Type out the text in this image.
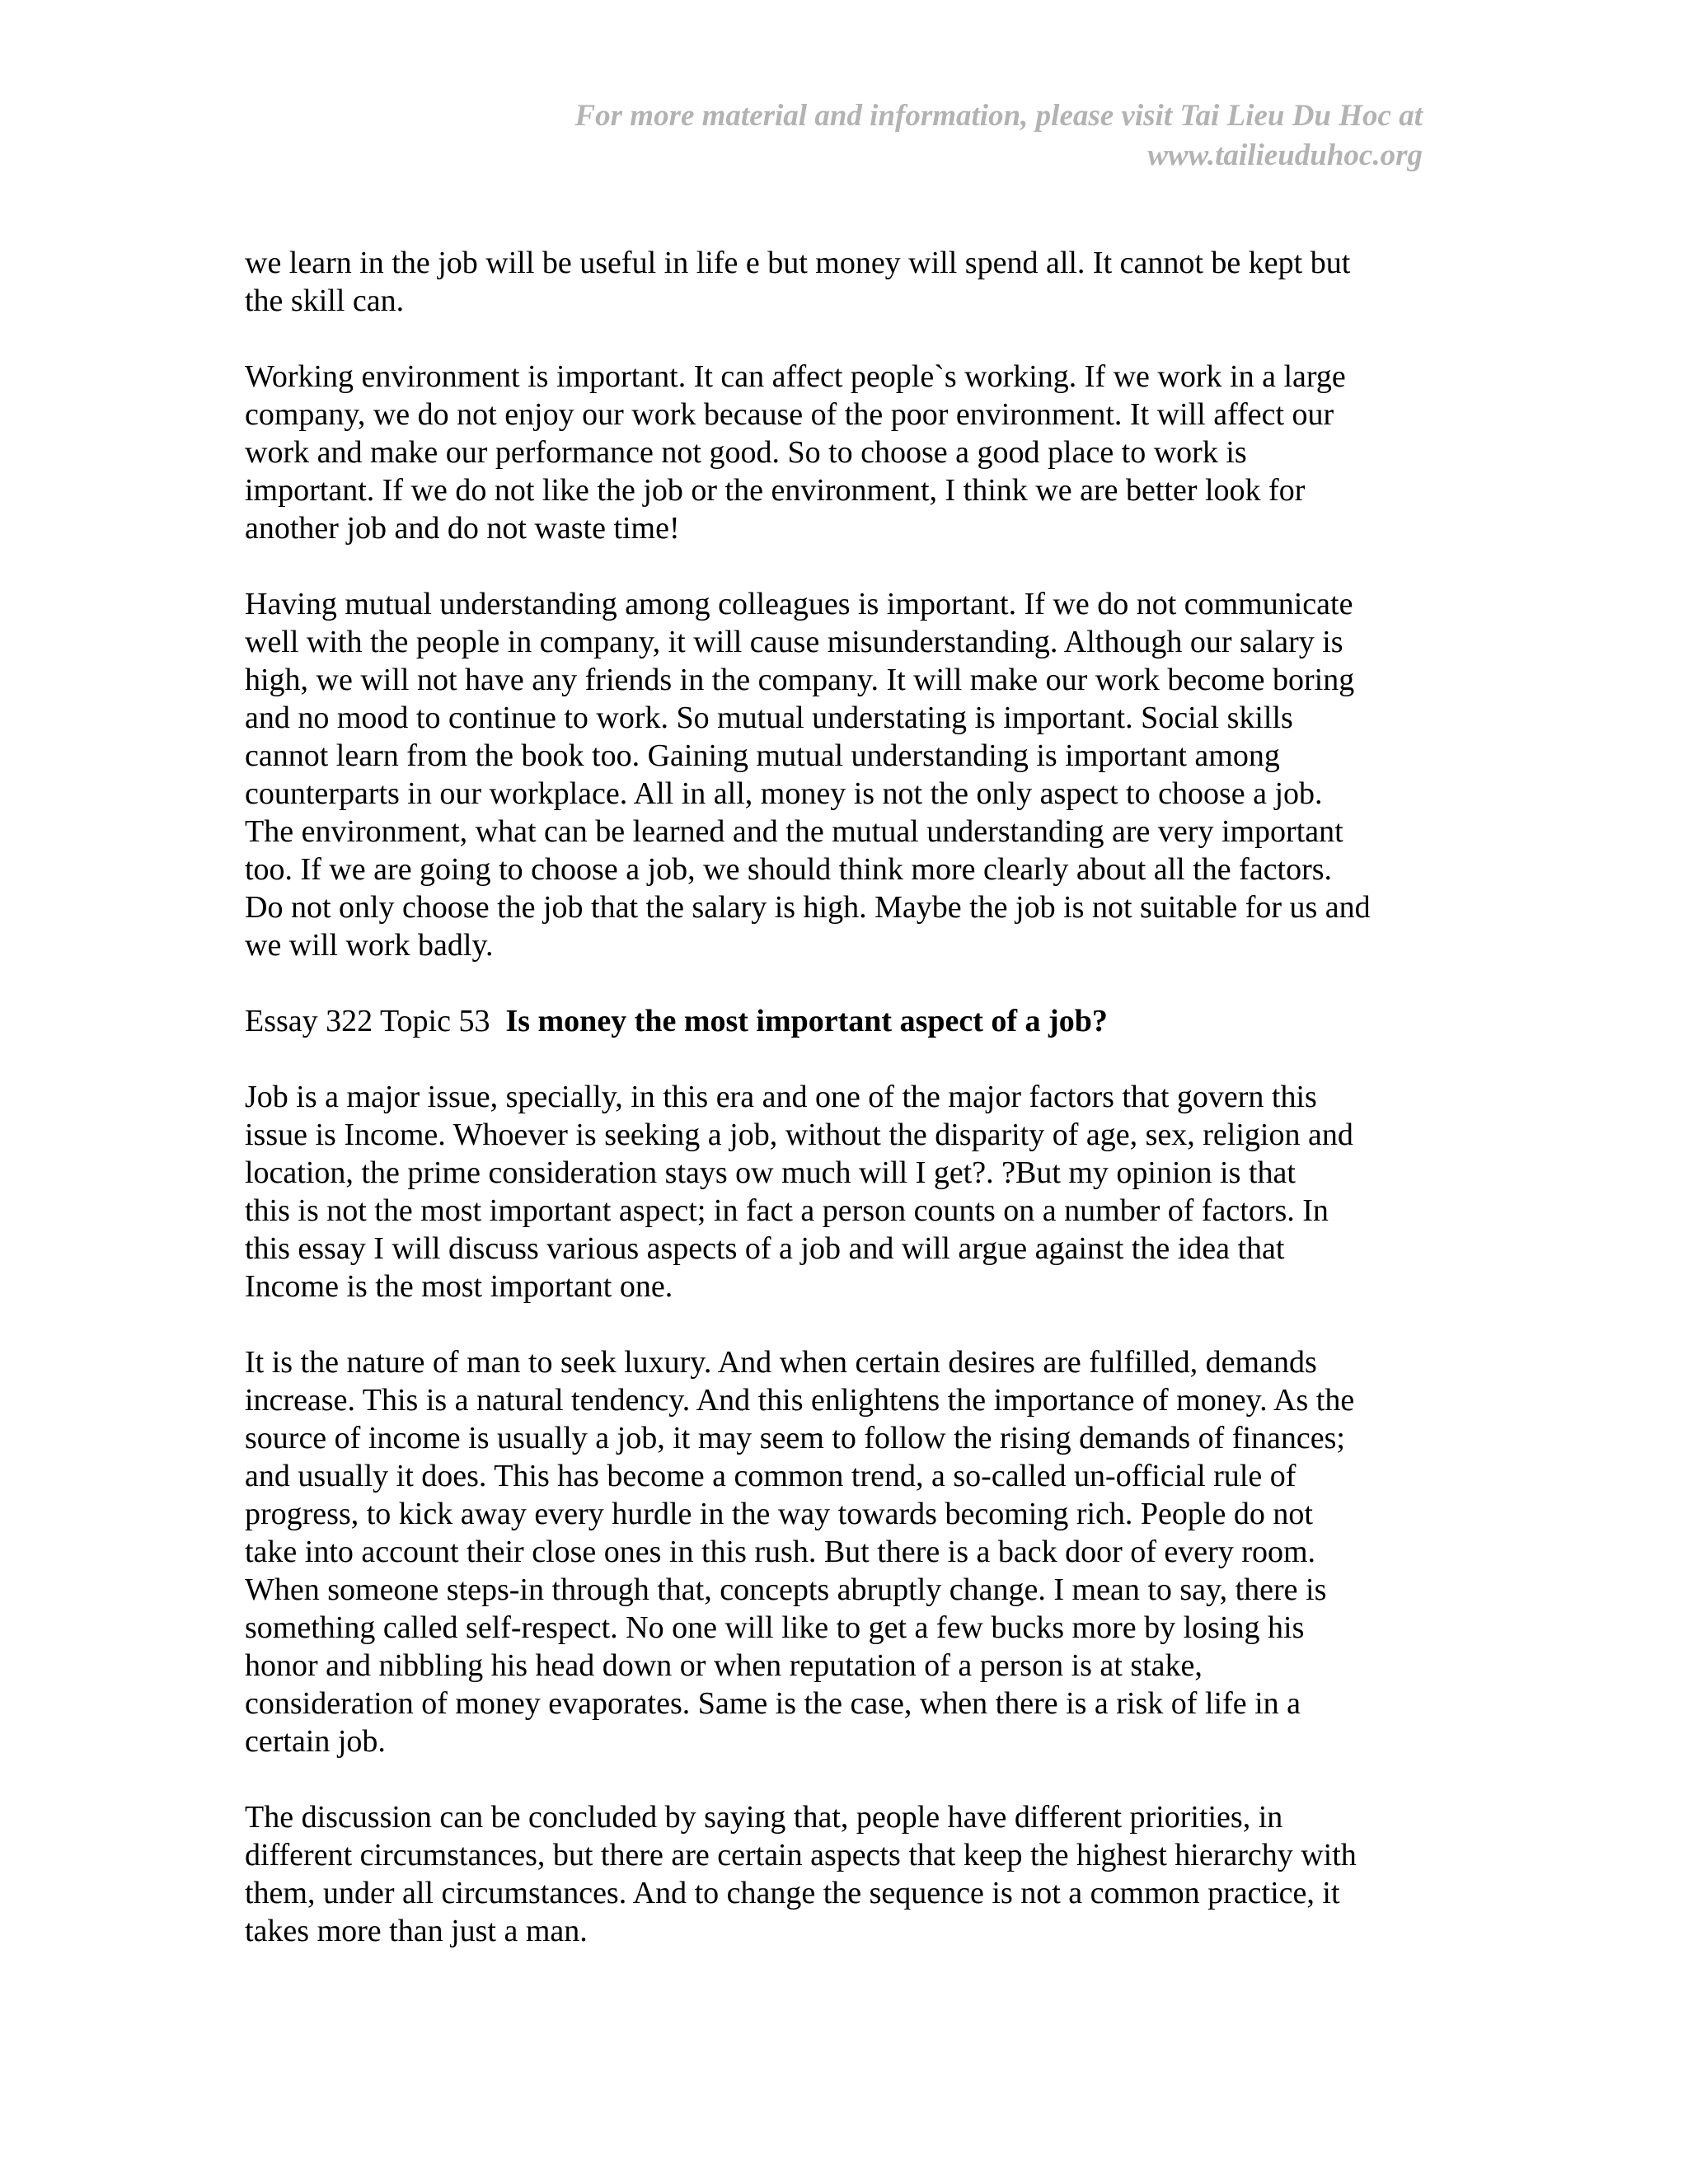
For more material and information, please visit Tai Lieu Du Hoc at
www.tailieuduhoc.org
we learn in the job will be useful in life e but money will spend all. It cannot be kept but
the skill can.
Working environment is important. It can affect people`s working. If we work in a large
company, we do not enjoy our work because of the poor environment. It will affect our
work and make our performance not good. So to choose a good place to work is
important. If we do not like the job or the environment, I think we are better look for
another job and do not waste time!
Having mutual understanding among colleagues is important. If we do not communicate
well with the people in company, it will cause misunderstanding. Although our salary is
high, we will not have any friends in the company. It will make our work become boring
and no mood to continue to work. So mutual understating is important. Social skills
cannot learn from the book too. Gaining mutual understanding is important among
counterparts in our workplace. All in all, money is not the only aspect to choose a job.
The environment, what can be learned and the mutual understanding are very important
too. If we are going to choose a job, we should think more clearly about all the factors.
Do not only choose the job that the salary is high. Maybe the job is not suitable for us and
we will work badly.
Essay 322 Topic 53 Is money the most important aspect of a job?
Job is a major issue, specially, in this era and one of the major factors that govern this
issue is Income. Whoever is seeking a job, without the disparity of age, sex, religion and
location, the prime consideration stays ow much will I get?. ?But my opinion is that
this is not the most important aspect; in fact a person counts on a number of factors. In
this essay I will discuss various aspects of a job and will argue against the idea that
Income is the most important one.
It is the nature of man to seek luxury. And when certain desires are fulfilled, demands
increase. This is a natural tendency. And this enlightens the importance of money. As the
source of income is usually a job, it may seem to follow the rising demands of finances;
and usually it does. This has become a common trend, a so-called un-official rule of
progress, to kick away every hurdle in the way towards becoming rich. People do not
take into account their close ones in this rush. But there is a back door of every room.
When someone steps-in through that, concepts abruptly change. I mean to say, there is
something called self-respect. No one will like to get a few bucks more by losing his
honor and nibbling his head down or when reputation of a person is at stake,
consideration of money evaporates. Same is the case, when there is a risk of life in a
certain job.
The discussion can be concluded by saying that, people have different priorities, in
different circumstances, but there are certain aspects that keep the highest hierarchy with
them, under all circumstances. And to change the sequence is not a common practice, it
takes more than just a man.
